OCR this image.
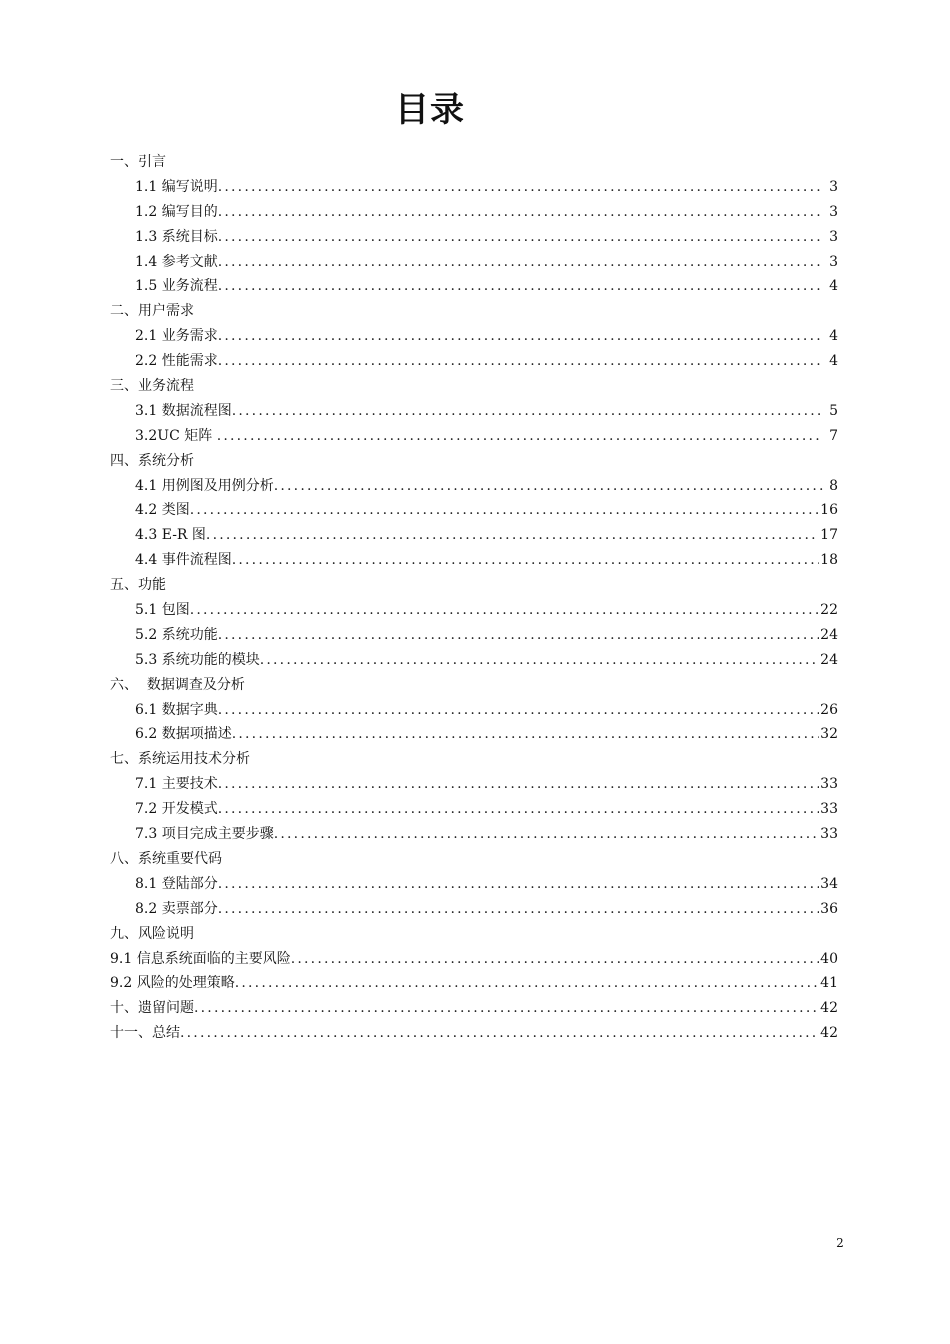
目录
一、引言
1.1 编写说明 .....	3
1.2 编写目的 .....	3
1.3 系统目标 .....	3
1.4 参考文献 .....	3
1.5 业务流程 .....	4
二、用户需求
2.1 业务需求 .....	4
2.2 性能需求 .....	4
三、业务流程
3.1 数据流程图 .....	5
3.2UC 矩阵 .....	7
四、系统分析
4.1 用例图及用例分析 .....	8
4.2 类图 .....	16
4.3 E-R 图 .....	17
4.4 事件流程图 .....	18
五、功能
5.1 包图 .....	22
5.2 系统功能 .....	24
5.3 系统功能的模块 .....	24
六、  数据调查及分析
6.1 数据字典 .....	26
6.2 数据项描述 .....	32
七、系统运用技术分析
7.1 主要技术 .....	33
7.2 开发模式 .....	33
7.3 项目完成主要步骤 .....	33
八、系统重要代码
8.1 登陆部分 .....	34
8.2 卖票部分 .....	36
九、风险说明
9.1 信息系统面临的主要风险 .....	40
9.2 风险的处理策略 .....	41
十、遗留问题 .....	42
十一、总结 .....	42
2
